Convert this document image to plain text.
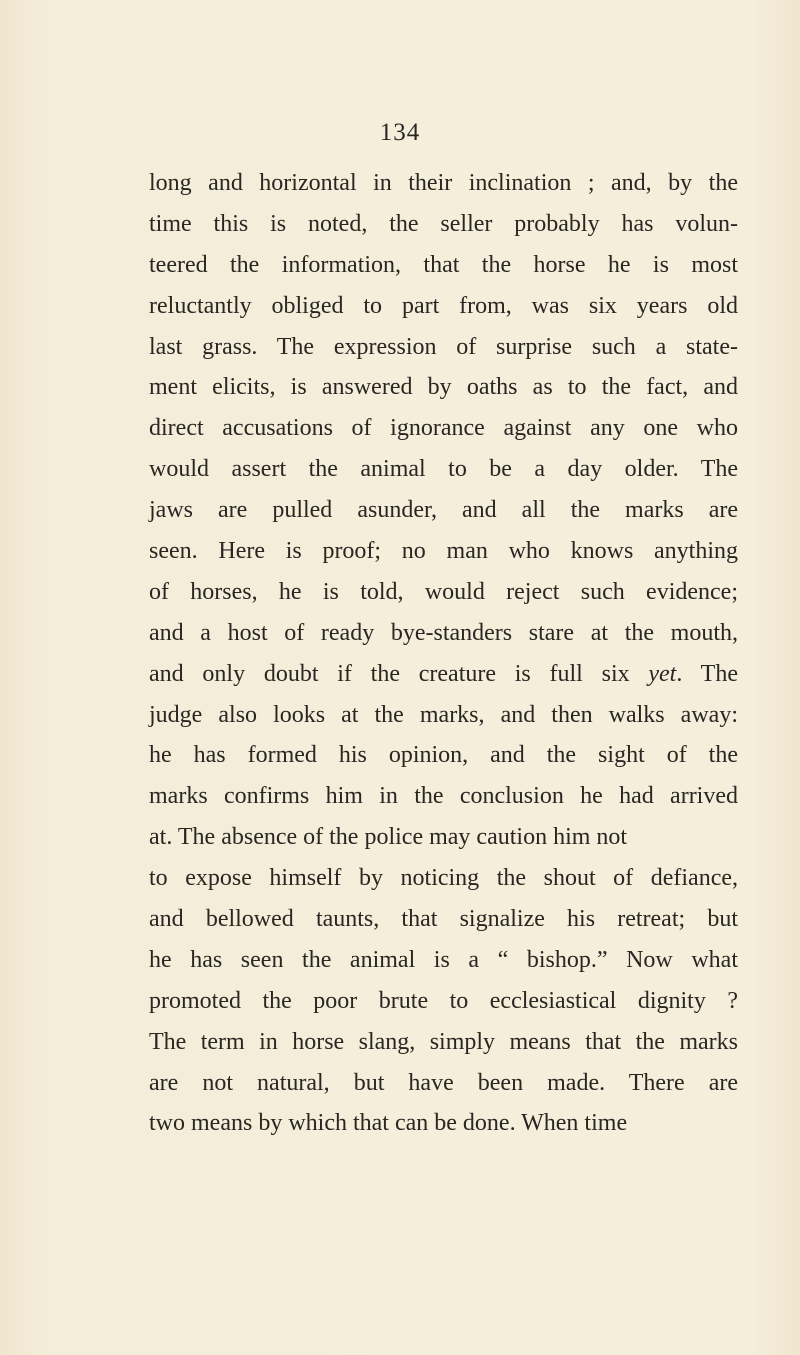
134
long and horizontal in their inclination ; and, by the
time this is noted, the seller probably has volun-
teered the information, that the horse he is most
reluctantly obliged to part from, was six years old
last grass. The expression of surprise such a state-
ment elicits, is answered by oaths as to the fact, and
direct accusations of ignorance against any one who
would assert the animal to be a day older. The
jaws are pulled asunder, and all the marks are
seen. Here is proof; no man who knows anything
of horses, he is told, would reject such evidence;
and a host of ready bye-standers stare at the mouth,
and only doubt if the creature is full six yet. The
judge also looks at the marks, and then walks away:
he has formed his opinion, and the sight of the
marks confirms him in the conclusion he had arrived
at. The absence of the police may caution him not
to expose himself by noticing the shout of defiance,
and bellowed taunts, that signalize his retreat; but
he has seen the animal is a “ bishop.” Now what
promoted the poor brute to ecclesiastical dignity ?
The term in horse slang, simply means that the marks
are not natural, but have been made. There are
two means by which that can be done. When time
